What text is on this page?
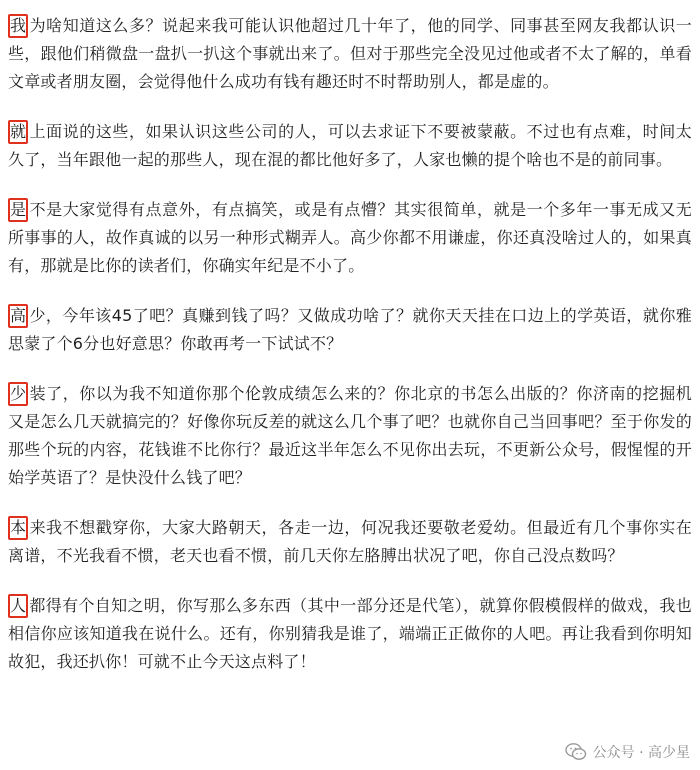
我 为啥知道这么多？说起来我可能认识他超过几十年了，他的同学、同事甚至网友我都认识一些，跟他们稍微盘一盘扒一扒这个事就出来了。但对于那些完全没见过他或者不太了解的，单看文章或者朋友圈，会觉得他什么成功有钱有趣还时不时帮助别人，都是虚的。

就 上面说的这些，如果认识这些公司的人，可以去求证下不要被蒙蔽。不过也有点难，时间太久了，当年跟他一起的那些人，现在混的都比他好多了，人家也懒的提个啥也不是的前同事。

是 不是大家觉得有点意外，有点搞笑，或是有点懵？其实很简单，就是一个多年一事无成又无所事事的人，故作真诚的以另一种形式糊弄人。高少你都不用谦虚，你还真没啥过人的，如果真有，那就是比你的读者们，你确实年纪是不小了。

高 少，今年该45了吧？真赚到钱了吗？又做成功啥了？就你天天挂在口边上的学英语，就你雅思蒙了个6分也好意思？你敢再考一下试试不？

少 装了，你以为我不知道你那个伦敦成绩怎么来的？你北京的书怎么出版的？你济南的挖掘机又是怎么几天就搞完的？好像你玩反差的就这么几个事了吧？也就你自己当回事吧？至于你发的那些个玩的内容，花钱谁不比你行？最近这半年怎么不见你出去玩，不更新公众号，假惺惺的开始学英语了？是快没什么钱了吧？

本 来我不想戳穿你，大家大路朝天，各走一边，何况我还要敬老爱幼。但最近有几个事你实在离谱，不光我看不惯，老天也看不惯，前几天你左胳膊出状况了吧，你自己没点数吗？

人 都得有个自知之明，你写那么多东西（其中一部分还是代笔），就算你假模假样的做戏，我也相信你应该知道我在说什么。还有，你别猜我是谁了，端端正正做你的人吧。再让我看到你明知故犯，我还扒你！可就不止今天这点料了！

公众号 · 高少星
